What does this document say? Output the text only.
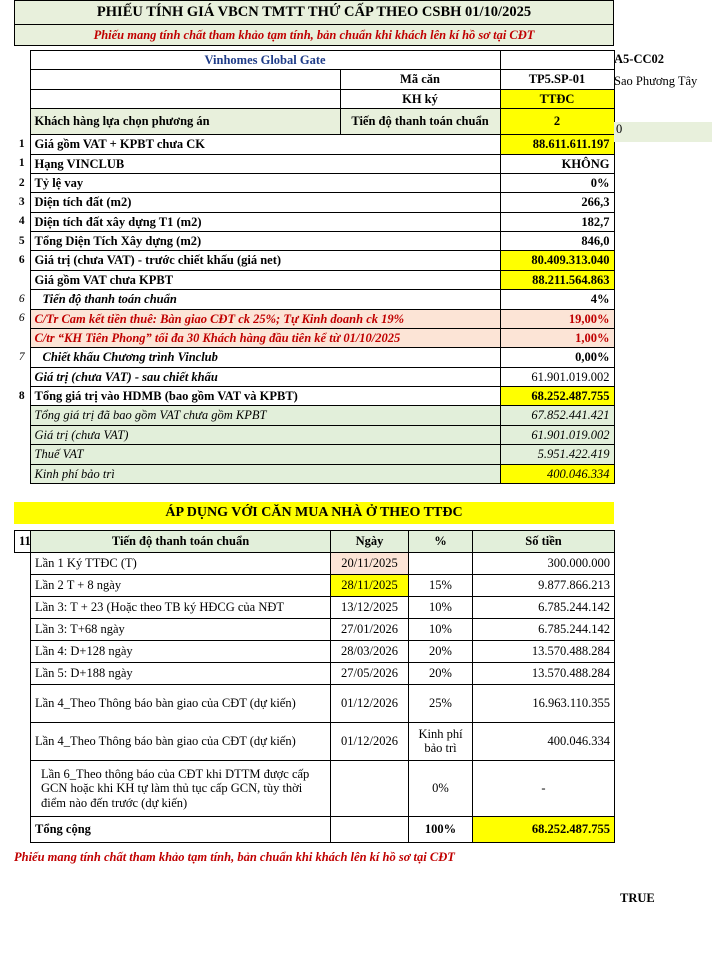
PHIẾU TÍNH GIÁ VBCN TMTT THỨ CẤP THEO CSBH 01/10/2025
Phiếu mang tính chất tham khảo tạm tính, bản chuẩn khi khách lên kí hồ sơ tại CĐT
	Vinhomes Global Gate		
		Mã căn	TP5.SP-01
		KH ký	TTĐC
	Khách hàng lựa chọn phương án	Tiến độ thanh toán chuẩn	2
1	Giá gồm VAT + KPBT chưa CK		88.611.611.197
1	Hạng VINCLUB		KHÔNG
2	Tỷ lệ vay		0%
3	Diện tích đất (m2)		266,3
4	Diện tích đất xây dựng T1 (m2)		182,7
5	Tổng Diện Tích Xây dựng (m2)		846,0
6	Giá trị (chưa VAT) - trước chiết khấu (giá net)		80.409.313.040
	Giá gồm VAT chưa KPBT		88.211.564.863
6	Tiến độ thanh toán chuẩn		4%
6	C/Tr Cam kết tiền thuê: Bàn giao CĐT ck 25%; Tự Kinh doanh ck 19%		19,00%
	C/tr “KH Tiên Phong” tối đa 30 Khách hàng đầu tiên kể từ 01/10/2025		1,00%
7	Chiết khấu Chương trình Vinclub		0,00%
	Giá trị (chưa VAT) - sau chiết khấu		61.901.019.002
8	Tổng giá trị vào HDMB (bao gồm VAT và KPBT)		68.252.487.755
	Tổng giá trị đã bao gồm VAT chưa gồm KPBT		67.852.441.421
	Giá trị (chưa VAT)		61.901.019.002
	Thuế VAT		5.951.422.419
	Kinh phí bảo trì		400.046.334
A5-CC02
Sao Phương Tây
0
ÁP DỤNG VỚI CĂN MUA NHÀ Ở THEO TTĐC
11	Tiến độ thanh toán chuẩn	Ngày	%	Số tiền
	Lần 1 Ký TTĐC (T)	20/11/2025		300.000.000
	Lần 2 T + 8 ngày	28/11/2025	15%	9.877.866.213
	Lần 3: T + 23 (Hoặc theo TB ký HĐCG của NĐT	13/12/2025	10%	6.785.244.142
	Lần 3: T+68 ngày	27/01/2026	10%	6.785.244.142
	Lần 4: D+128 ngày	28/03/2026	20%	13.570.488.284
	Lần 5: D+188 ngày	27/05/2026	20%	13.570.488.284
	Lần 4_Theo Thông báo bàn giao của CĐT (dự kiến)	01/12/2026	25%	16.963.110.355
	Lần 4_Theo Thông báo bàn giao của CĐT (dự kiến)	01/12/2026	Kinh phí bảo trì	400.046.334
	Lần 6_Theo thông báo của CĐT khi DTTM được cấp GCN hoặc khi KH tự làm thủ tục cấp GCN, tùy thời điểm nào đến trước (dự kiến)		0%	-
	Tổng cộng		100%	68.252.487.755
TRUE
Phiếu mang tính chất tham khảo tạm tính, bản chuẩn khi khách lên kí hồ sơ tại CĐT
